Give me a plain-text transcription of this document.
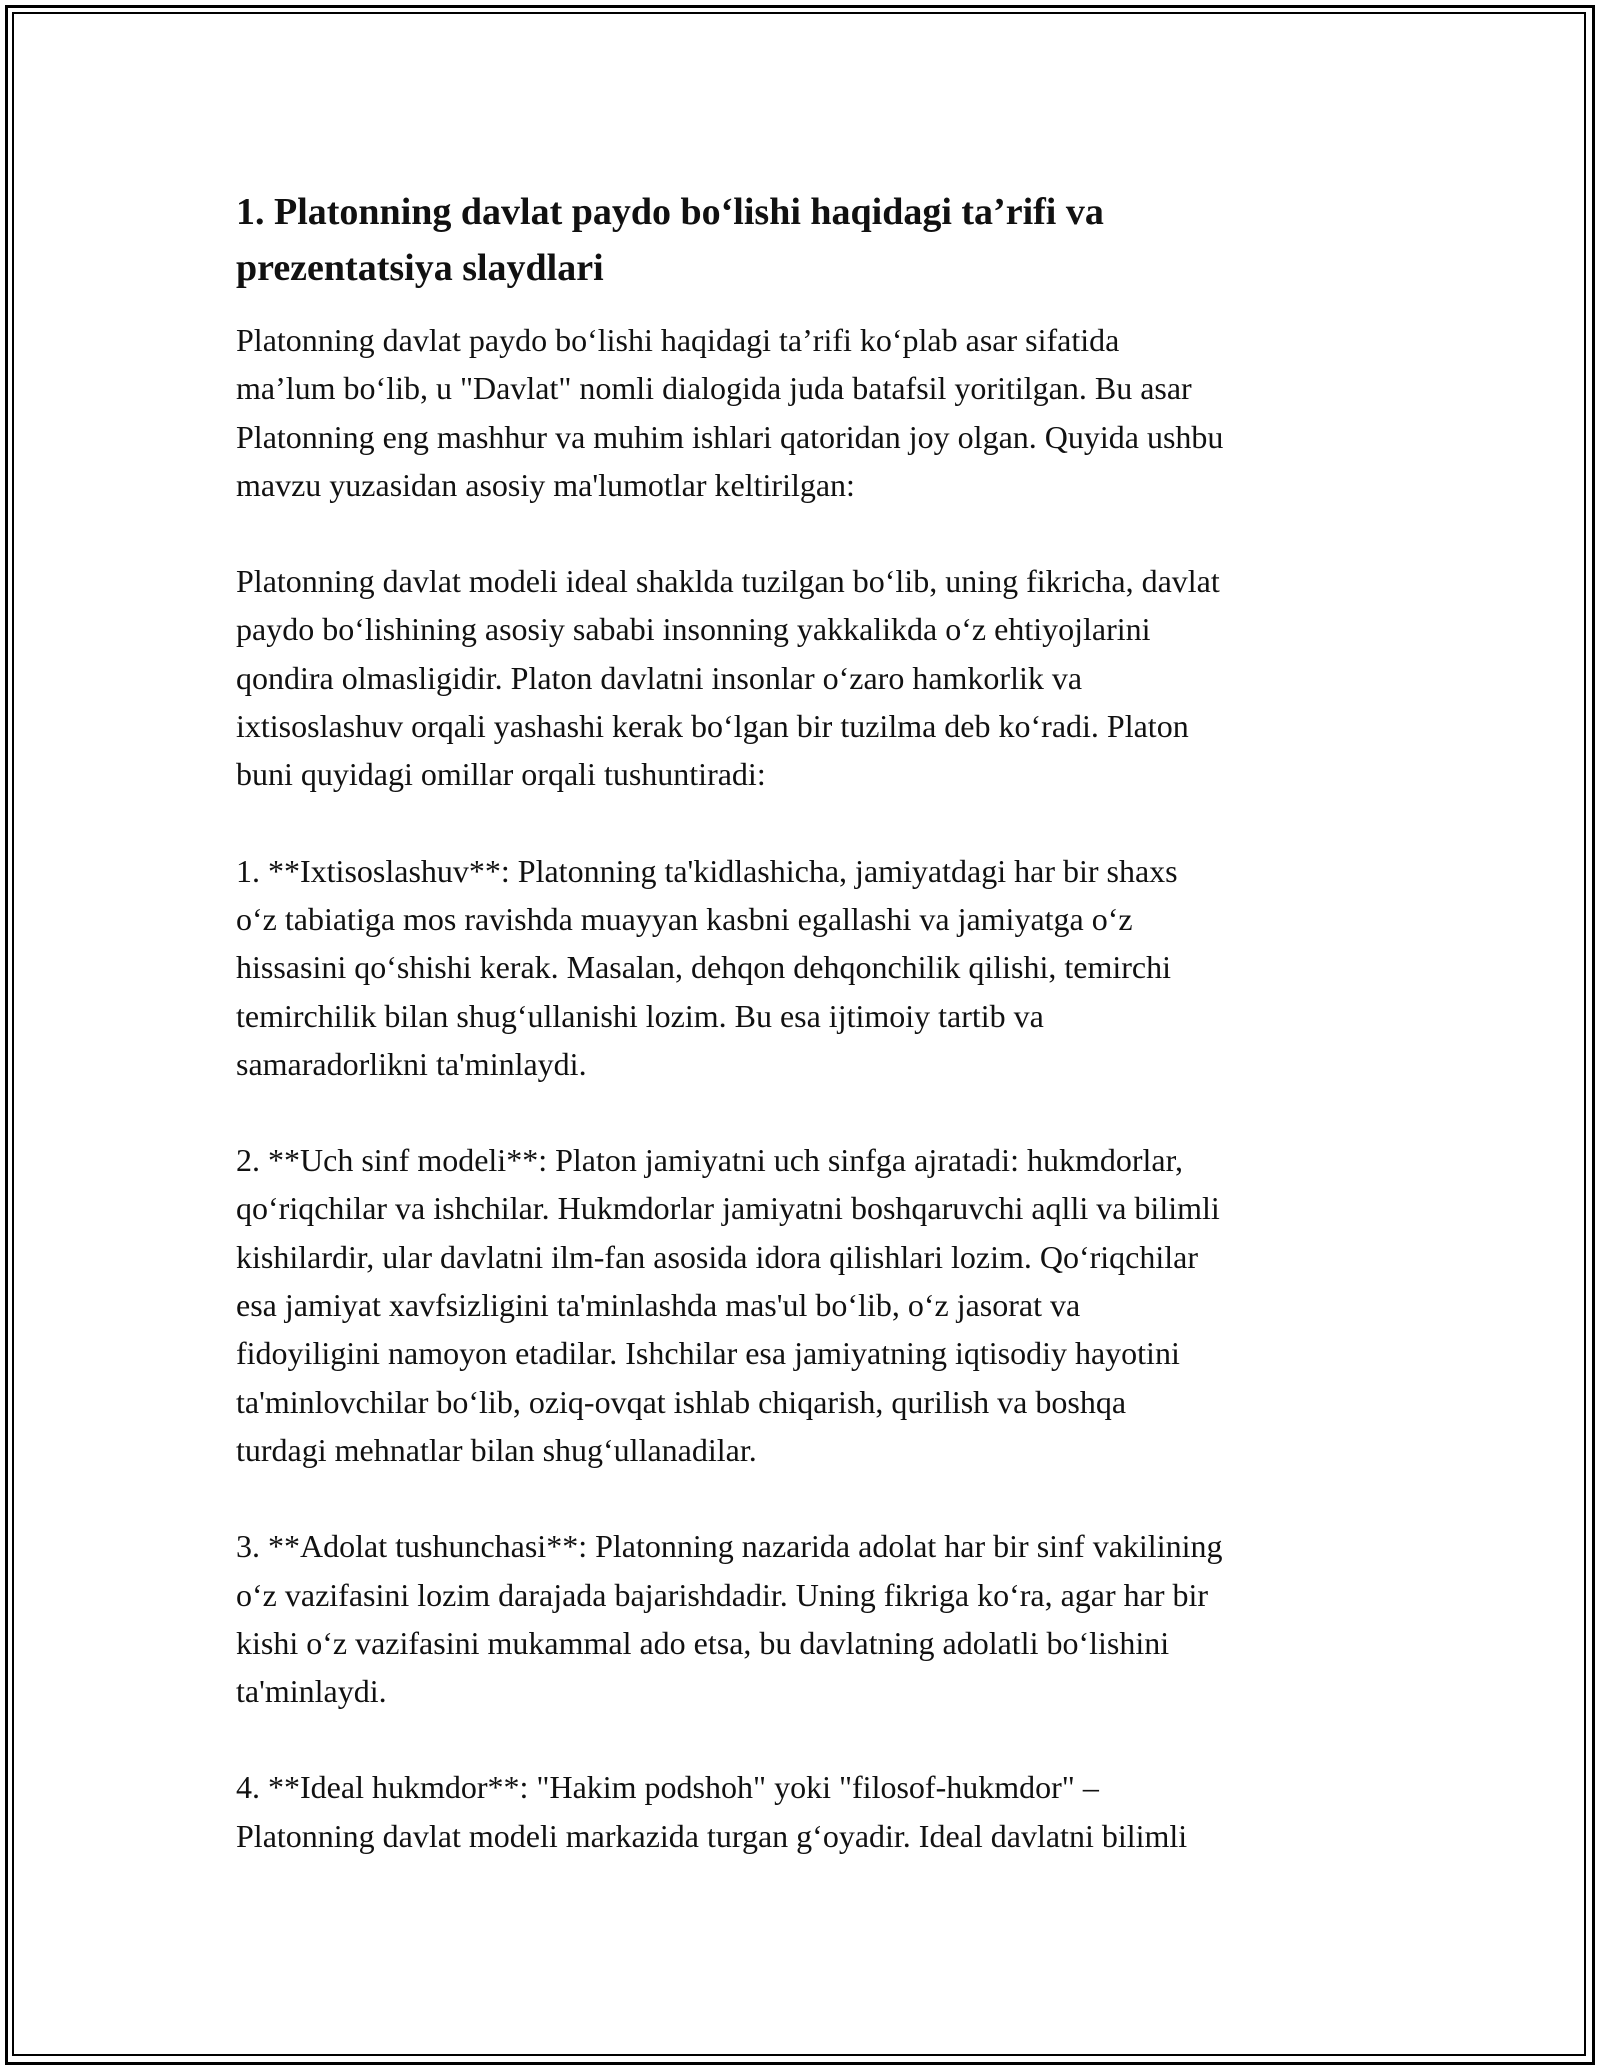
1. Platonning davlat paydo bo‘lishi haqidagi ta’rifi va
prezentatsiya slaydlari

Platonning davlat paydo bo‘lishi haqidagi ta’rifi ko‘plab asar sifatida
ma’lum bo‘lib, u "Davlat" nomli dialogida juda batafsil yoritilgan. Bu asar
Platonning eng mashhur va muhim ishlari qatoridan joy olgan. Quyida ushbu
mavzu yuzasidan asosiy ma'lumotlar keltirilgan:

Platonning davlat modeli ideal shaklda tuzilgan bo‘lib, uning fikricha, davlat
paydo bo‘lishining asosiy sababi insonning yakkalikda o‘z ehtiyojlarini
qondira olmasligidir. Platon davlatni insonlar o‘zaro hamkorlik va
ixtisoslashuv orqali yashashi kerak bo‘lgan bir tuzilma deb ko‘radi. Platon
buni quyidagi omillar orqali tushuntiradi:

1. **Ixtisoslashuv**: Platonning ta'kidlashicha, jamiyatdagi har bir shaxs
o‘z tabiatiga mos ravishda muayyan kasbni egallashi va jamiyatga o‘z
hissasini qo‘shishi kerak. Masalan, dehqon dehqonchilik qilishi, temirchi
temirchilik bilan shug‘ullanishi lozim. Bu esa ijtimoiy tartib va
samaradorlikni ta'minlaydi.

2. **Uch sinf modeli**: Platon jamiyatni uch sinfga ajratadi: hukmdorlar,
qo‘riqchilar va ishchilar. Hukmdorlar jamiyatni boshqaruvchi aqlli va bilimli
kishilardir, ular davlatni ilm-fan asosida idora qilishlari lozim. Qo‘riqchilar
esa jamiyat xavfsizligini ta'minlashda mas'ul bo‘lib, o‘z jasorat va
fidoyiligini namoyon etadilar. Ishchilar esa jamiyatning iqtisodiy hayotini
ta'minlovchilar bo‘lib, oziq-ovqat ishlab chiqarish, qurilish va boshqa
turdagi mehnatlar bilan shug‘ullanadilar.

3. **Adolat tushunchasi**: Platonning nazarida adolat har bir sinf vakilining
o‘z vazifasini lozim darajada bajarishdadir. Uning fikriga ko‘ra, agar har bir
kishi o‘z vazifasini mukammal ado etsa, bu davlatning adolatli bo‘lishini
ta'minlaydi.

4. **Ideal hukmdor**: "Hakim podshoh" yoki "filosof-hukmdor" –
Platonning davlat modeli markazida turgan g‘oyadir. Ideal davlatni bilimli
